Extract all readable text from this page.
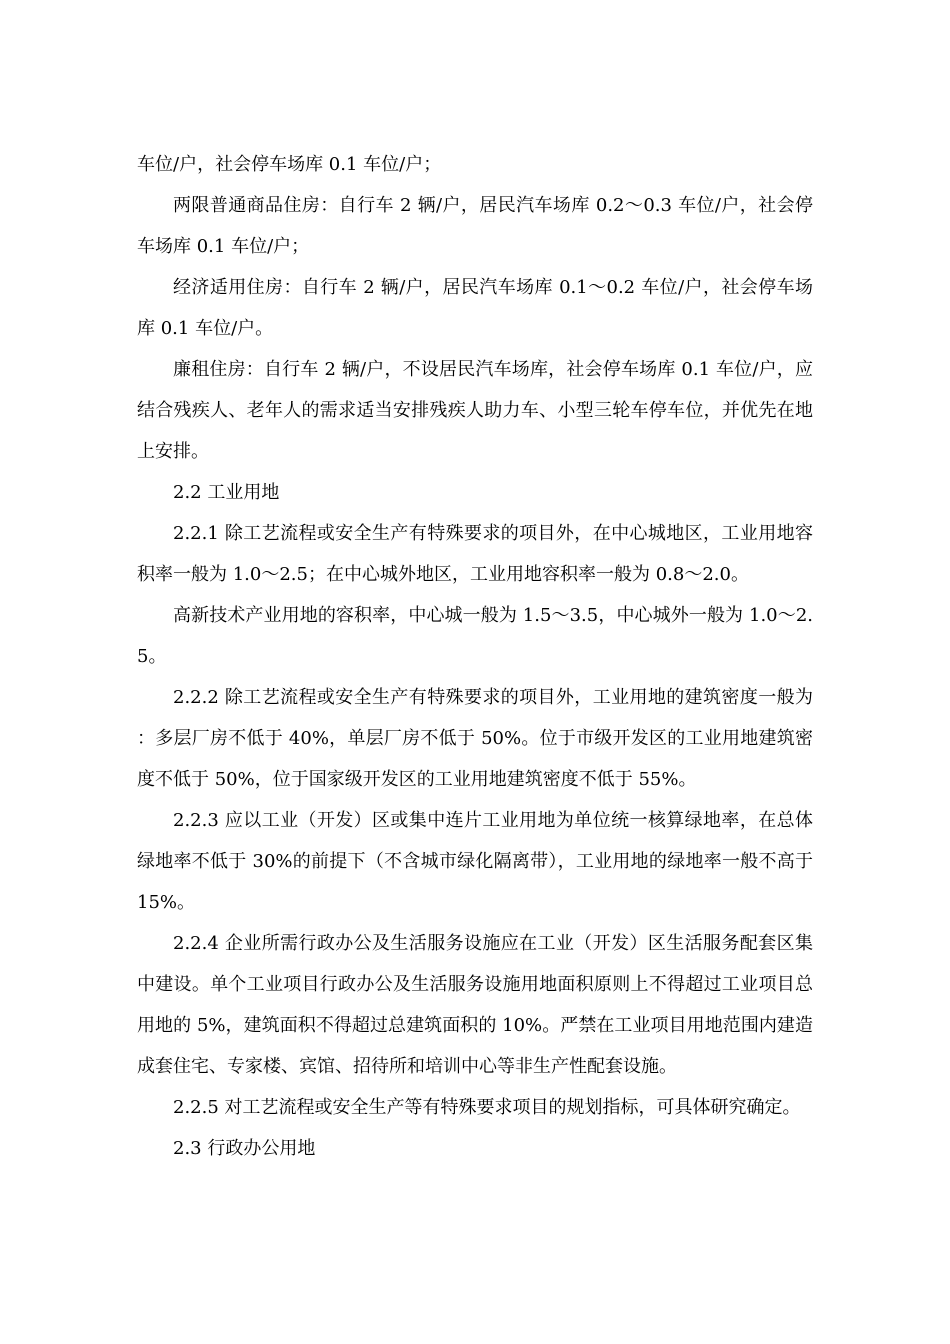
车位/户，社会停车场库 0.1 车位/户；

两限普通商品住房：自行车 2 辆/户，居民汽车场库 0.2～0.3 车位/户，社会停车场库 0.1 车位/户；

经济适用住房：自行车 2 辆/户，居民汽车场库 0.1～0.2 车位/户，社会停车场库 0.1 车位/户。

廉租住房：自行车 2 辆/户，不设居民汽车场库，社会停车场库 0.1 车位/户，应结合残疾人、老年人的需求适当安排残疾人助力车、小型三轮车停车位，并优先在地上安排。

2.2 工业用地

2.2.1 除工艺流程或安全生产有特殊要求的项目外，在中心城地区，工业用地容积率一般为 1.0～2.5；在中心城外地区，工业用地容积率一般为 0.8～2.0。

高新技术产业用地的容积率，中心城一般为 1.5～3.5，中心城外一般为 1.0～2.5。

2.2.2 除工艺流程或安全生产有特殊要求的项目外，工业用地的建筑密度一般为：多层厂房不低于 40%，单层厂房不低于 50%。位于市级开发区的工业用地建筑密度不低于 50%，位于国家级开发区的工业用地建筑密度不低于 55%。

2.2.3 应以工业（开发）区或集中连片工业用地为单位统一核算绿地率，在总体绿地率不低于 30%的前提下（不含城市绿化隔离带），工业用地的绿地率一般不高于 15%。

2.2.4 企业所需行政办公及生活服务设施应在工业（开发）区生活服务配套区集中建设。单个工业项目行政办公及生活服务设施用地面积原则上不得超过工业项目总用地的 5%，建筑面积不得超过总建筑面积的 10%。严禁在工业项目用地范围内建造成套住宅、专家楼、宾馆、招待所和培训中心等非生产性配套设施。

2.2.5 对工艺流程或安全生产等有特殊要求项目的规划指标，可具体研究确定。

2.3 行政办公用地
